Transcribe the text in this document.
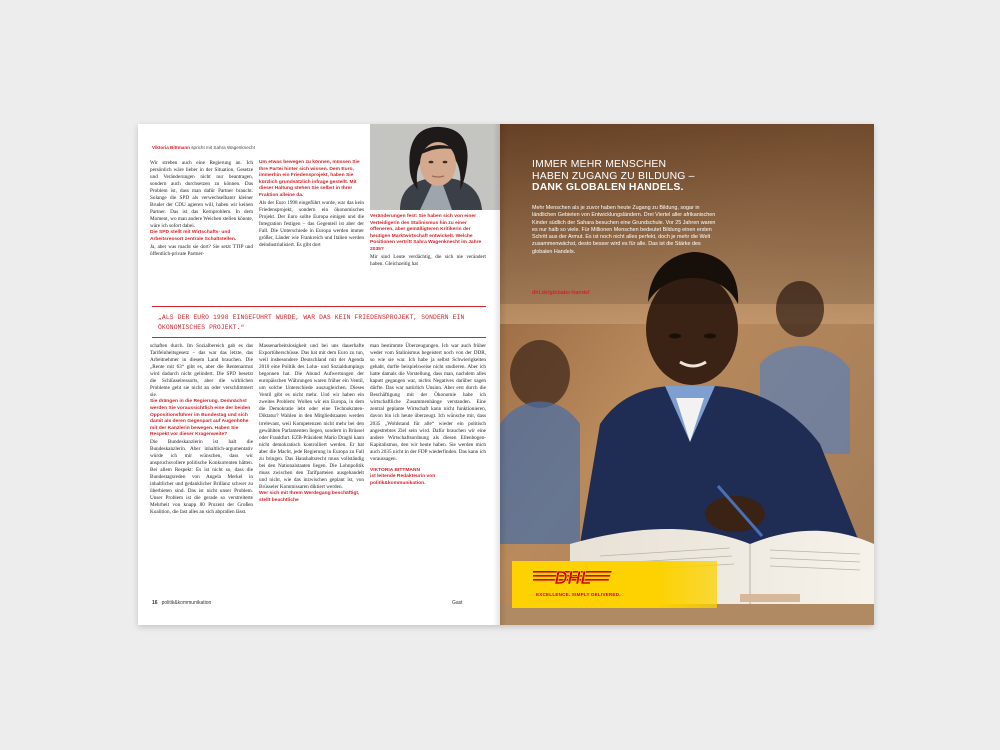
Viktoria Bittmann spricht mit Sahra Wagenknecht

Wir streben auch eine Regierung an. Ich persönlich wäre lieber in der Situation, Gesetze und Veränderungen nicht nur beantragen, sondern auch durchsetzen zu können. Das Problem ist, dass man dafür Partner braucht. Solange die SPD als verwechselbarer kleiner Bruder der CDU agieren will, haben wir keinen Partner. Das ist das Kernproblem. In dem Moment, wo man andere Weichen stellen könnte, wäre ich sofort dabei.

Die SPD stellt mit Wirtschafts- und Arbeitsressort zentrale Schaltstellen.

Ja, aber was macht sie dort? Sie setzt TTIP und öffentlich-private Partner-

Um etwas bewegen zu können, müssen Sie Ihre Partei hinter sich wissen. Dem Euro, immerhin ein Friedensprojekt, haben Sie kürzlich grundsätzlich infrage gestellt. Mit dieser Haltung stehen Sie selbst in Ihrer Fraktion alleine da.

Als der Euro 1998 eingeführt wurde, war das kein Friedensprojekt, sondern ein ökonomisches Projekt. Der Euro sollte Europa einigen und die Integration festigen – das Gegenteil ist aber der Fall. Die Unterschiede in Europa werden immer größer, Länder wie Frankreich und Italien werden deindustrialisiert. Es gibt dort

Veränderungen fest: Sie haben sich von einer Verteidigerin des Stalinismus hin zu einer offeneren, aber gemäßigteren Kritikerin der heutigen Marktwirtschaft entwickelt. Welche Positionen vertritt Sahra Wagenknecht im Jahre 2035?

Mir sind Leute verdächtig, die sich nie verändert haben. Gleichzeitig hat

„ALS DER EURO 1998 EINGEFÜHRT WURDE, WAR DAS KEIN FRIEDENSPROJEKT, SONDERN EIN ÖKONOMISCHES PROJEKT.“

schaften durch. Im Sozialbereich gab es das Tarifeinheitsgesetz – das war das letzte, das Arbeitnehmer in diesem Land brauchen. Die „Rente mit 63“ gibt es, aber die Rentenarmut wird dadurch nicht gelindert. Die SPD besetzt die Schlüsselressorts, aber die wirklichen Probleme geht sie nicht an oder verschlimmert sie.

Sie drängen in die Regierung. Demnächst werden Sie voraussichtlich eine der beiden Oppositionsführer im Bundestag und sich damit als deren Gegenpart auf Augenhöhe mit der Kanzlerin bewegen. Haben Sie Respekt vor dieser Kragenweite?

Die Bundeskanzlerin ist halt die Bundeskanzlerin. Aber inhaltlich-argumentativ würde ich mir wünschen, dass wir anspruchsvollere politische Konkurrenten hätten. Bei allem Respekt: Es ist nicht so, dass die Bundestagsreden von Angela Merkel in inhaltlicher und gedanklicher Brillanz schwer zu überbieten sind. Das ist nicht unser Problem. Unser Problem ist die gerade so verstreiterte Mehrheit von knapp 80 Prozent der Großen Koalition, die fast alles an sich abprallen lässt.

Massenarbeitslosigkeit und bei uns dauerhafte Exportüberschüsse. Das hat mit dem Euro zu tun, weil insbesondere Deutschland mit der Agenda 2010 eine Politik des Lohn- und Sozialdumpings begonnen hat. Die Abund Aufwertungen der europäischen Währungen waren früher ein Ventil, um solche Unterschiede auszugleichen. Dieses Ventil gibt es nicht mehr. Und wir haben ein zweites Problem: Wollen wir ein Europa, in dem die Demokratie lebt oder eine Technokraten-Diktatur? Wahlen in den Mitgliedstaaten werden irrelevant, weil Kompetenzen nicht mehr bei den gewählten Parlamenten liegen, sondern in Brüssel oder Frankfurt. EZB-Präsident Mario Draghi kann nicht demokratisch kontrolliert werden. Er hat aber die Macht, jede Regierung in Europa zu Fall zu bringen. Das Haushaltsrecht muss vollständig bei den Nationalstaaten liegen. Die Lohnpolitik muss zwischen den Tarifparteien ausgehandelt und nicht, wie das inzwischen geplant ist, von Brüsseler Kommissaren diktiert werden.

Wer sich mit Ihrem Werdegang beschäftigt, stellt beachtliche

man bestimmte Überzeugungen. Ich war auch früher weder vom Stalinismus begeistert noch von der DDR, so wie sie war. Ich habe ja selbst Schwierigkeiten gehabt, durfte beispielsweise nicht studieren. Aber ich hatte damals die Vorstellung, dass man, nachdem alles kaputt gegangen war, nichts Negatives darüber sagen dürfte. Das war natürlich Unsinn. Aber erst durch die Beschäftigung mit der Ökonomie habe ich wirtschaftliche Zusammenhänge verstanden. Eine zentral geplante Wirtschaft kann nicht funktionieren, davon bin ich heute überzeugt. Ich wünsche mir, dass 2035 „Wohlstand für alle“ wieder ein politisch angestrebtes Ziel sein wird. Dafür brauchen wir eine andere Wirtschaftsordnung als diesen Ellenbogen-Kapitalismus, den wir heute haben. Sie werden mich auch 2035 nicht in der FDP wiederfinden. Das kann ich voraussagen.

VIKTORIA BITTMANN

ist leitende Redakteurin von politik&kommunikation.

16 politik&kommunikation	Gast
IMMER MEHR MENSCHEN
HABEN ZUGANG ZU BILDUNG –
DANK GLOBALEN HANDELS.
Mehr Menschen als je zuvor haben heute Zugang zu Bildung, sogar in ländlichen Gebieten von Entwicklungsländern. Drei Viertel aller afrikanischen Kinder südlich der Sahara besuchen eine Grundschule. Vor 25 Jahren waren es nur halb so viele. Für Millionen Menschen bedeutet Bildung einen ersten Schritt aus der Armut. Es ist noch nicht alles perfekt, doch je mehr die Welt zusammenwächst, desto besser wird es für alle. Das ist die Stärke des globalen Handels.
dhl.de/globaler-handel
DHL
EXCELLENCE. SIMPLY DELIVERED.
